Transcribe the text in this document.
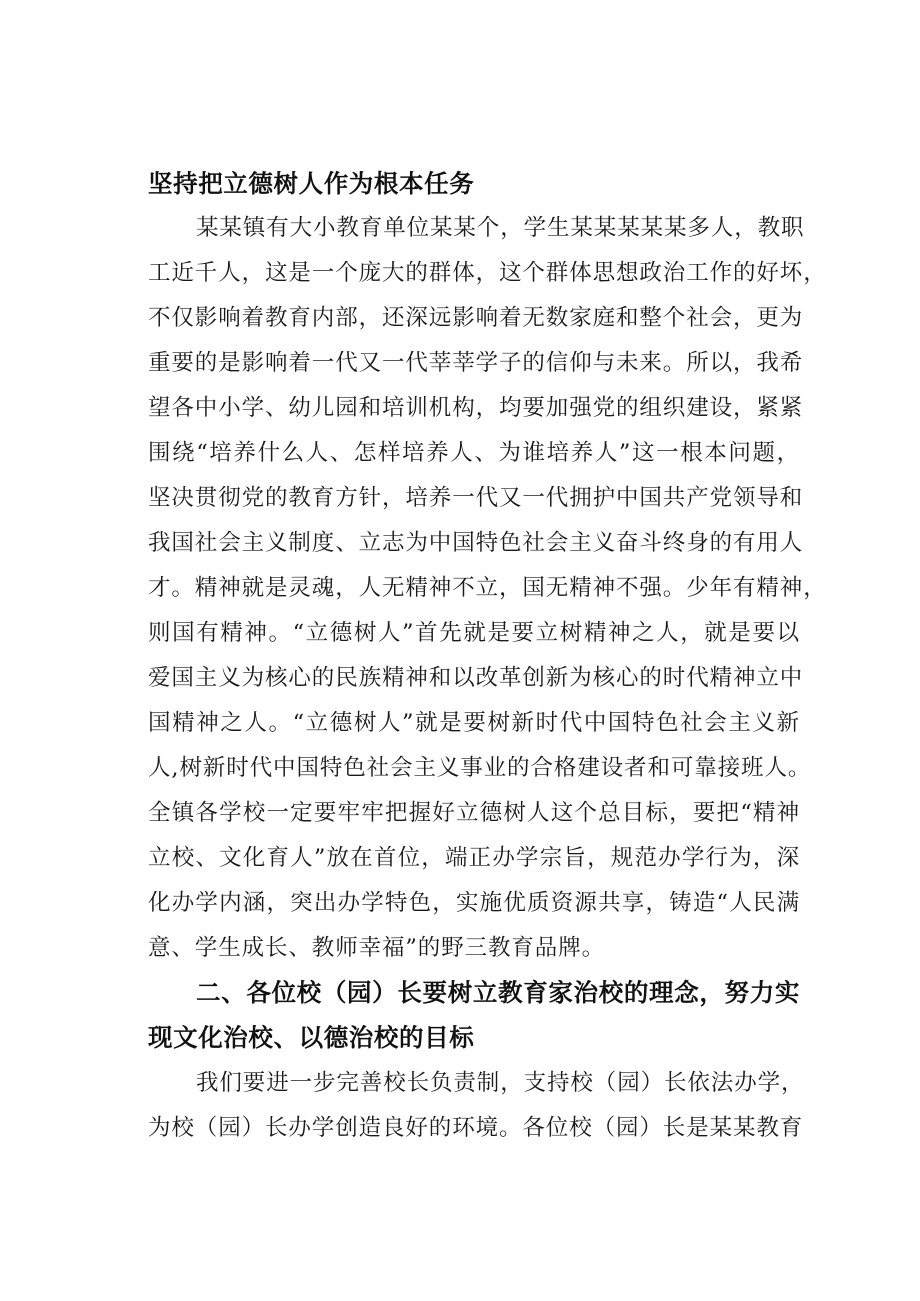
坚持把立德树人作为根本任务
某某镇有大小教育单位某某个，学生某某某某某多人，教职
工近千人，这是一个庞大的群体，这个群体思想政治工作的好坏，
不仅影响着教育内部，还深远影响着无数家庭和整个社会，更为
重要的是影响着一代又一代莘莘学子的信仰与未来。所以，我希
望各中小学、幼儿园和培训机构，均要加强党的组织建设，紧紧
围绕“培养什么人、怎样培养人、为谁培养人”这一根本问题，
坚决贯彻党的教育方针，培养一代又一代拥护中国共产党领导和
我国社会主义制度、立志为中国特色社会主义奋斗终身的有用人
才。精神就是灵魂，人无精神不立，国无精神不强。少年有精神，
则国有精神。“立德树人”首先就是要立树精神之人，就是要以
爱国主义为核心的民族精神和以改革创新为核心的时代精神立中
国精神之人。“立德树人”就是要树新时代中国特色社会主义新
人,树新时代中国特色社会主义事业的合格建设者和可靠接班人。
全镇各学校一定要牢牢把握好立德树人这个总目标，要把“精神
立校、文化育人”放在首位，端正办学宗旨，规范办学行为，深
化办学内涵，突出办学特色，实施优质资源共享，铸造“人民满
意、学生成长、教师幸福”的野三教育品牌。
二、各位校（园）长要树立教育家治校的理念，努力实
现文化治校、以德治校的目标
我们要进一步完善校长负责制，支持校（园）长依法办学，
为校（园）长办学创造良好的环境。各位校（园）长是某某教育
